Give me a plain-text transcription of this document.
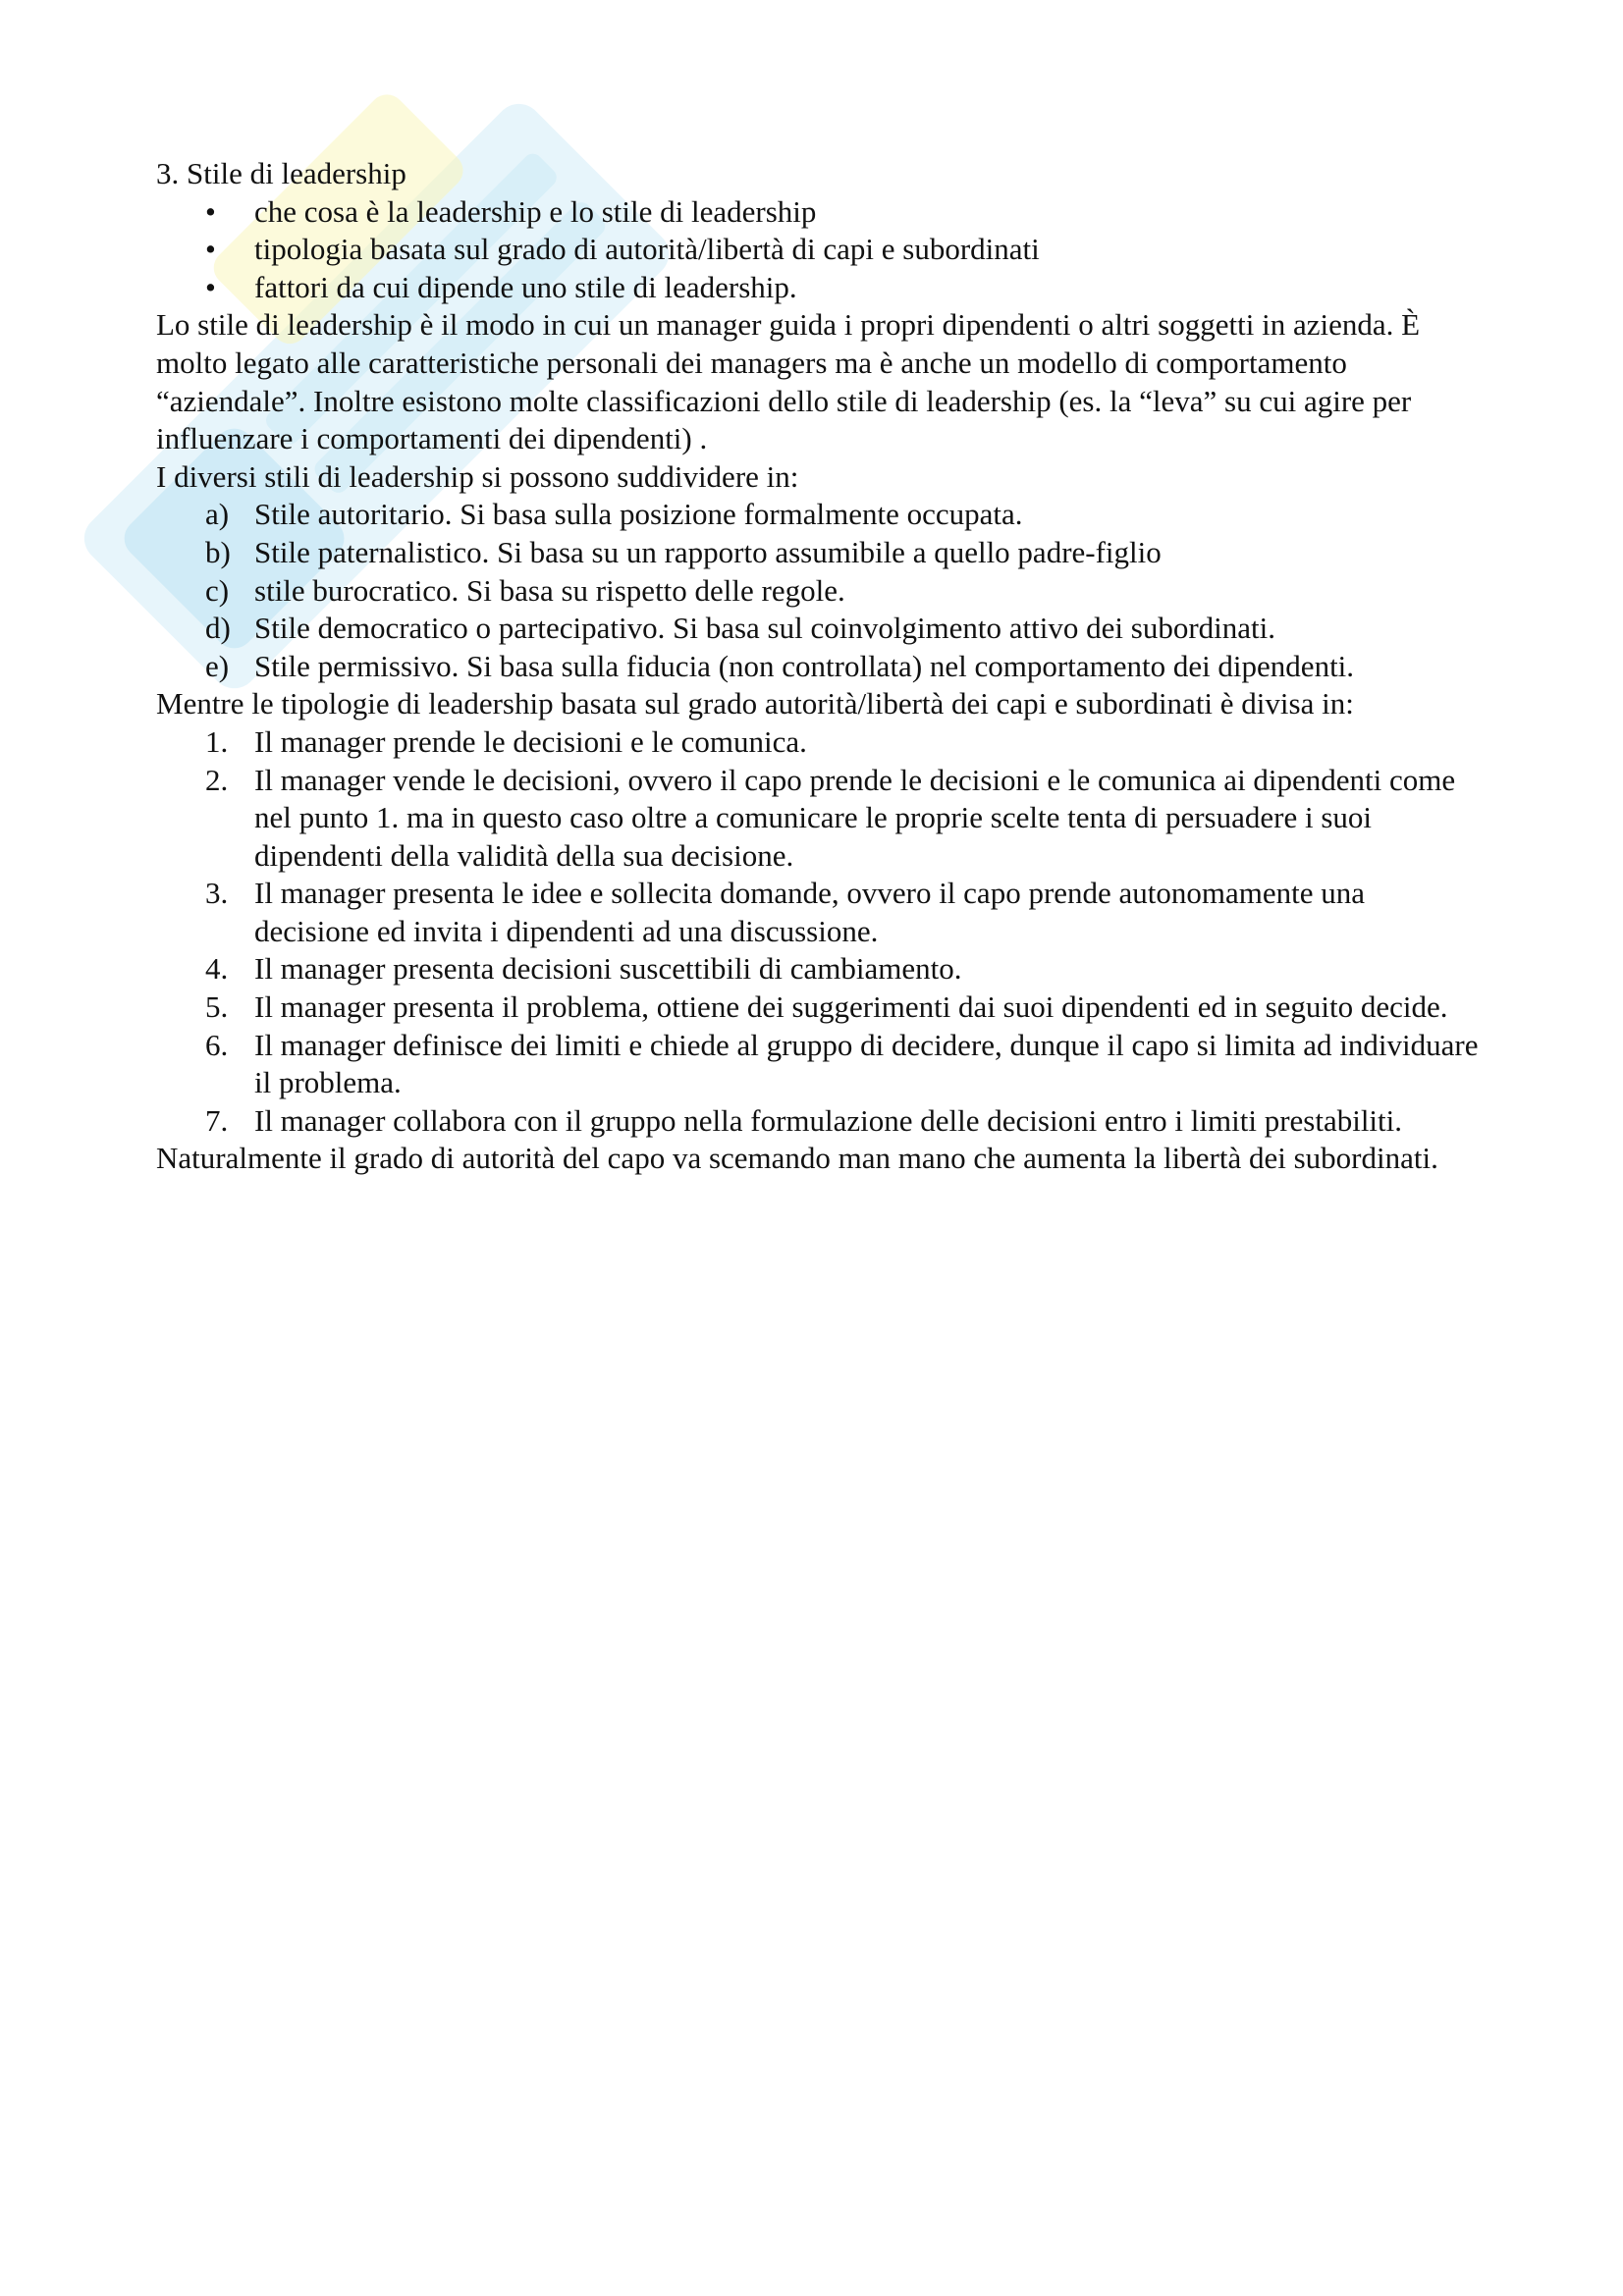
3. Stile di leadership

•	che cosa è la leadership e lo stile di leadership
•	tipologia basata sul grado di autorità/libertà di capi e subordinati
•	fattori da cui dipende uno stile di leadership.

Lo stile di leadership è il modo in cui un manager guida i propri dipendenti o altri soggetti in azienda. È molto legato alle caratteristiche personali dei managers ma è anche un modello di comportamento “aziendale”. Inoltre esistono molte classificazioni dello stile di leadership (es. la “leva” su cui agire per influenzare i comportamenti dei dipendenti) .

I diversi stili di leadership si possono suddividere in:

a) Stile autoritario. Si basa sulla posizione formalmente occupata.
b) Stile paternalistico. Si basa su un rapporto assumibile a quello padre-figlio
c) stile burocratico. Si basa su rispetto delle regole.
d) Stile democratico o partecipativo. Si basa sul coinvolgimento attivo dei subordinati.
e) Stile permissivo. Si basa sulla fiducia (non controllata) nel comportamento dei dipendenti.

Mentre le tipologie di leadership basata sul grado autorità/libertà dei capi e subordinati è divisa in:

1. Il manager prende le decisioni e le comunica.
2. Il manager vende le decisioni, ovvero il capo prende le decisioni e le comunica ai dipendenti come nel punto 1. ma in questo caso oltre a comunicare le proprie scelte tenta di persuadere i suoi dipendenti della validità della sua decisione.
3. Il manager presenta le idee e sollecita domande, ovvero il capo prende autonomamente una decisione ed invita i dipendenti ad una discussione.
4. Il manager presenta decisioni suscettibili di cambiamento.
5. Il manager presenta il problema, ottiene dei suggerimenti dai suoi dipendenti ed in seguito decide.
6. Il manager definisce dei limiti e chiede al gruppo di decidere, dunque il capo si limita ad individuare il problema.
7. Il manager collabora con il gruppo nella formulazione delle decisioni entro i limiti prestabiliti.

Naturalmente il grado di autorità del capo va scemando man mano che aumenta la libertà dei subordinati.
